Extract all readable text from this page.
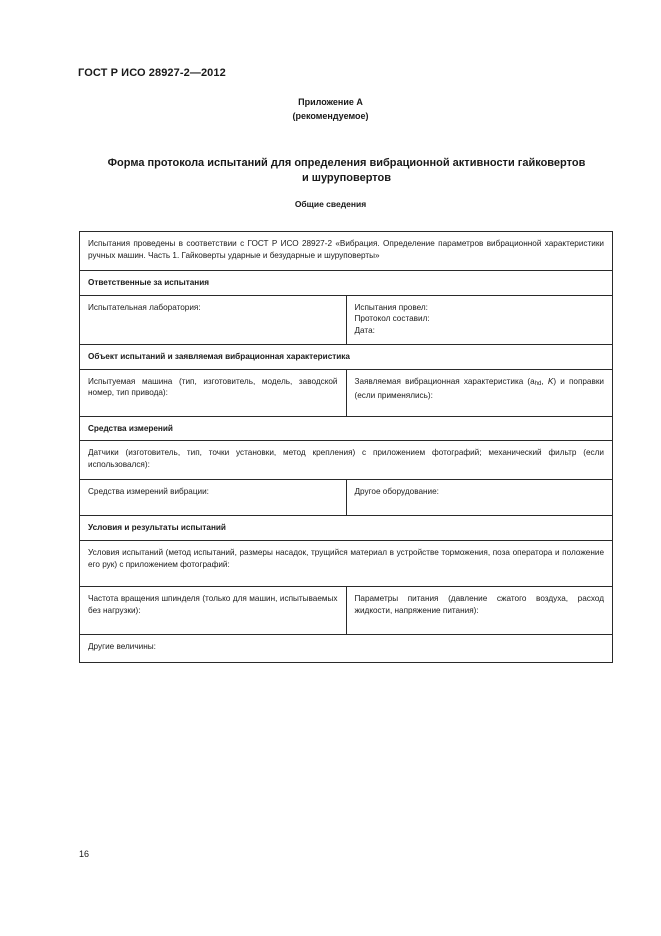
ГОСТ Р ИСО 28927-2—2012
Приложение А
(рекомендуемое)
Форма протокола испытаний для определения вибрационной активности гайковертов
и шуруповертов
Общие сведения
Испытания проведены в соответствии с ГОСТ Р ИСО 28927-2 «Вибрация. Определение параметров вибрационной характеристики ручных машин. Часть 1. Гайковерты ударные и безударные и шуруповерты»	
Ответственные за испытания	
Испытательная лаборатория:	Испытания провел:
Протокол составил:
Дата:

Объект испытаний и заявляемая вибрационная характеристика	
Испытуемая машина (тип, изготовитель, модель, заводской номер, тип привода):	Заявляемая вибрационная характеристика ($a_{hd}$, K) и поправки (если применялись):
Средства измерений	
Датчики (изготовитель, тип, точки установки, метод крепления) с приложением фотографий; механический фильтр (если использовался):	
Средства измерений вибрации:	Другое оборудование:
Условия и результаты испытаний	
Условия испытаний (метод испытаний, размеры насадок, трущийся материал в устройстве торможения, поза оператора и положение его рук) с приложением фотографий:	
Частота вращения шпинделя (только для машин, испытываемых без нагрузки):	Параметры питания (давление сжатого воздуха, расход жидкости, напряжение питания):
Другие величины:	
16
